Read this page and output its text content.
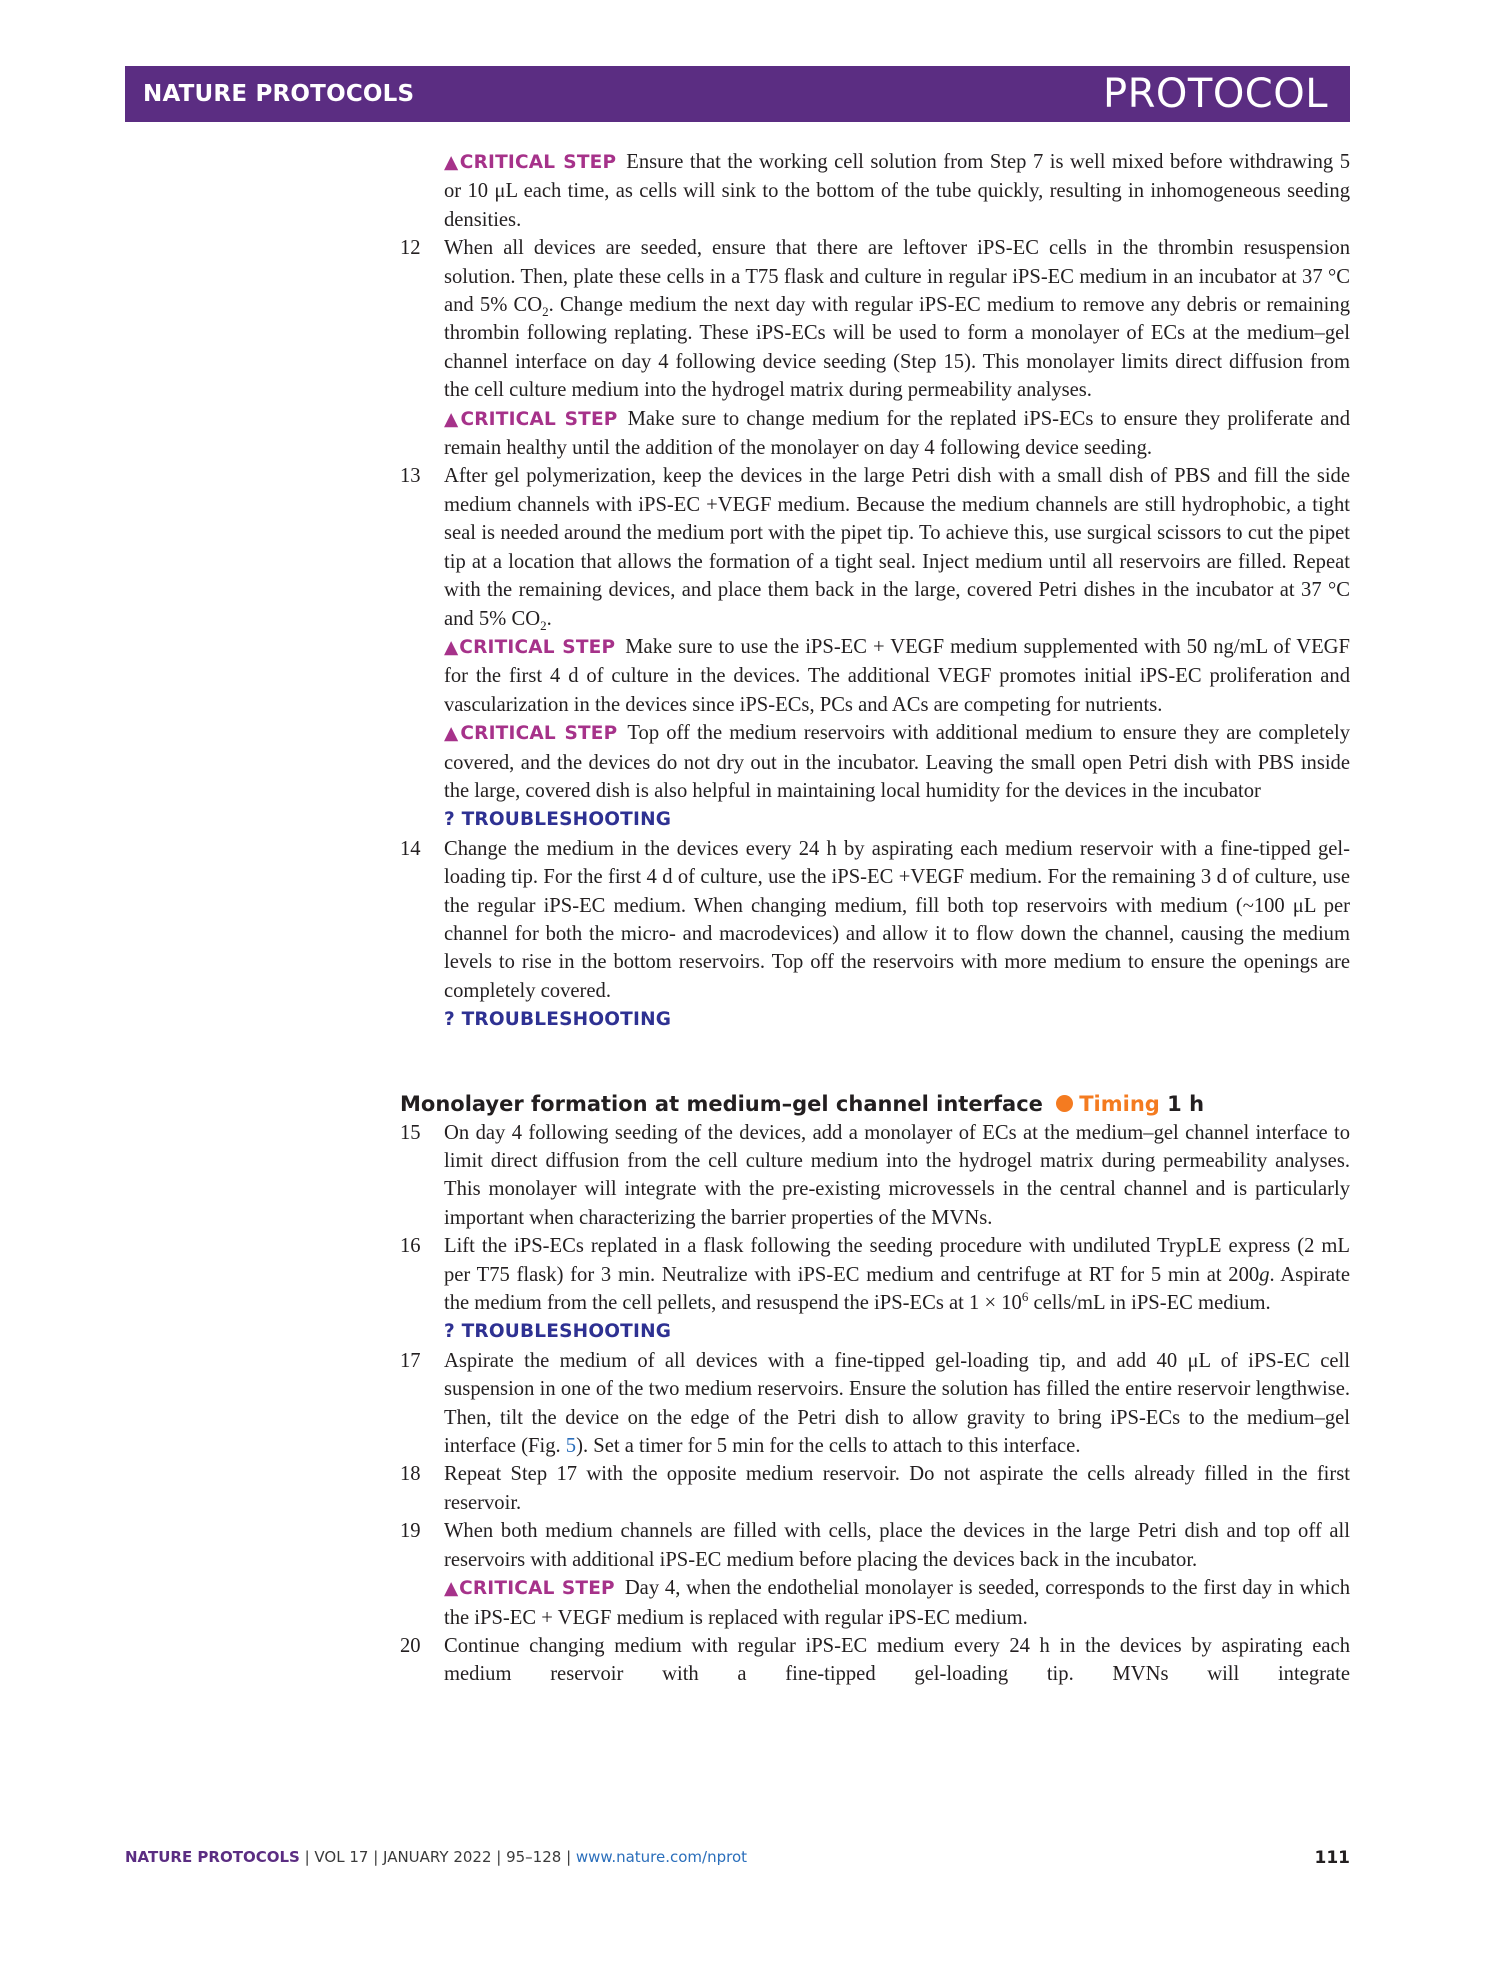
NATURE PROTOCOLS	PROTOCOL

▲CRITICAL STEP Ensure that the working cell solution from Step 7 is well mixed before withdrawing 5 or 10 μL each time, as cells will sink to the bottom of the tube quickly, resulting in inhomogeneous seeding densities.

12 When all devices are seeded, ensure that there are leftover iPS-EC cells in the thrombin resuspension solution. Then, plate these cells in a T75 flask and culture in regular iPS-EC medium in an incubator at 37 °C and 5% $CO_2$. Change medium the next day with regular iPS-EC medium to remove any debris or remaining thrombin following replating. These iPS-ECs will be used to form a monolayer of ECs at the medium–gel channel interface on day 4 following device seeding (Step 15). This monolayer limits direct diffusion from the cell culture medium into the hydrogel matrix during permeability analyses.

▲CRITICAL STEP Make sure to change medium for the replated iPS-ECs to ensure they proliferate and remain healthy until the addition of the monolayer on day 4 following device seeding.

13 After gel polymerization, keep the devices in the large Petri dish with a small dish of PBS and fill the side medium channels with iPS-EC +VEGF medium. Because the medium channels are still hydrophobic, a tight seal is needed around the medium port with the pipet tip. To achieve this, use surgical scissors to cut the pipet tip at a location that allows the formation of a tight seal. Inject medium until all reservoirs are filled. Repeat with the remaining devices, and place them back in the large, covered Petri dishes in the incubator at 37 °C and 5% $CO_2$.

▲CRITICAL STEP Make sure to use the iPS-EC + VEGF medium supplemented with 50 ng/mL of VEGF for the first 4 d of culture in the devices. The additional VEGF promotes initial iPS-EC proliferation and vascularization in the devices since iPS-ECs, PCs and ACs are competing for nutrients.

▲CRITICAL STEP Top off the medium reservoirs with additional medium to ensure they are completely covered, and the devices do not dry out in the incubator. Leaving the small open Petri dish with PBS inside the large, covered dish is also helpful in maintaining local humidity for the devices in the incubator

? TROUBLESHOOTING

14 Change the medium in the devices every 24 h by aspirating each medium reservoir with a fine-tipped gel-loading tip. For the first 4 d of culture, use the iPS-EC +VEGF medium. For the remaining 3 d of culture, use the regular iPS-EC medium. When changing medium, fill both top reservoirs with medium (~100 μL per channel for both the micro- and macrodevices) and allow it to flow down the channel, causing the medium levels to rise in the bottom reservoirs. Top off the reservoirs with more medium to ensure the openings are completely covered.

? TROUBLESHOOTING

Monolayer formation at medium–gel channel interface Timing 1 h
15 On day 4 following seeding of the devices, add a monolayer of ECs at the medium–gel channel interface to limit direct diffusion from the cell culture medium into the hydrogel matrix during permeability analyses. This monolayer will integrate with the pre-existing microvessels in the central channel and is particularly important when characterizing the barrier properties of the MVNs.

16 Lift the iPS-ECs replated in a flask following the seeding procedure with undiluted TrypLE express (2 mL per T75 flask) for 3 min. Neutralize with iPS-EC medium and centrifuge at RT for 5 min at 200g. Aspirate the medium from the cell pellets, and resuspend the iPS-ECs at $1 \times 10^6$ cells/mL in iPS-EC medium.

? TROUBLESHOOTING

17 Aspirate the medium of all devices with a fine-tipped gel-loading tip, and add 40 μL of iPS-EC cell suspension in one of the two medium reservoirs. Ensure the solution has filled the entire reservoir lengthwise. Then, tilt the device on the edge of the Petri dish to allow gravity to bring iPS-ECs to the medium–gel interface (Fig. 5). Set a timer for 5 min for the cells to attach to this interface.

18 Repeat Step 17 with the opposite medium reservoir. Do not aspirate the cells already filled in the first reservoir.

19 When both medium channels are filled with cells, place the devices in the large Petri dish and top off all reservoirs with additional iPS-EC medium before placing the devices back in the incubator.

▲CRITICAL STEP Day 4, when the endothelial monolayer is seeded, corresponds to the first day in which the iPS-EC + VEGF medium is replaced with regular iPS-EC medium.

20 Continue changing medium with regular iPS-EC medium every 24 h in the devices by aspirating each medium reservoir with a fine-tipped gel-loading tip. MVNs will integrate

NATURE PROTOCOLS | VOL 17 | JANUARY 2022 | 95–128 | www.nature.com/nprot	111
